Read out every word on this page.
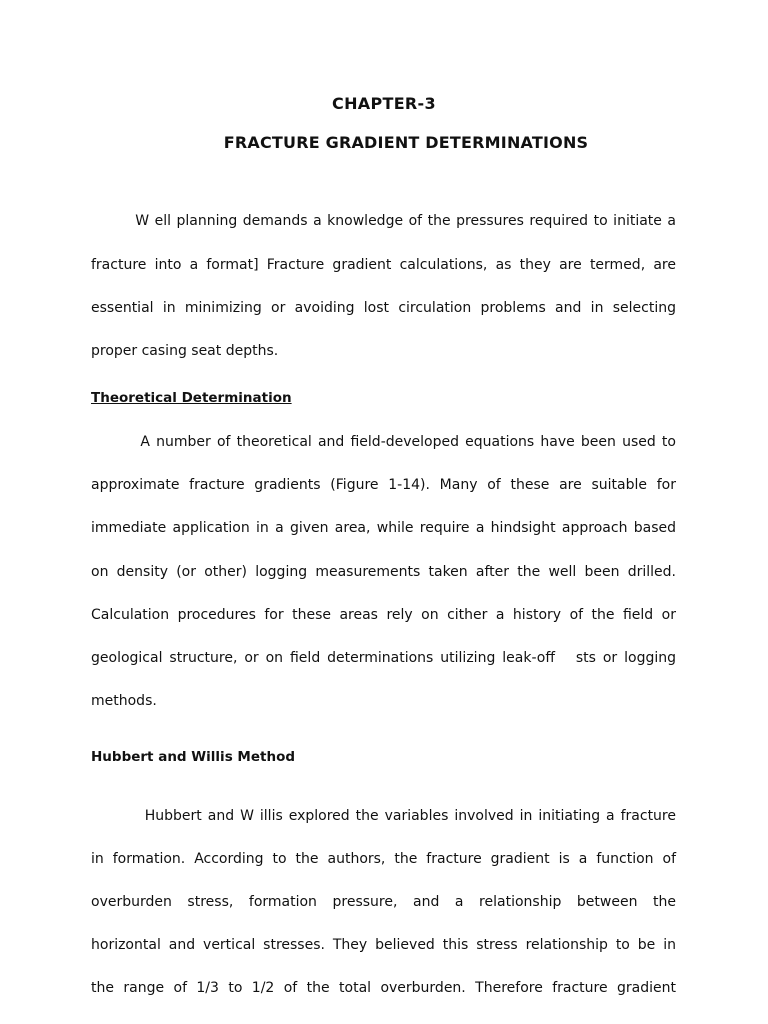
CHAPTER-3
FRACTURE GRADIENT DETERMINATIONS
W ell planning demands a knowledge of the pressures required to initiate a
fracture into a format] Fracture gradient calculations, as they are termed, are
essential in minimizing or avoiding lost circulation problems and in selecting
proper casing seat depths.
Theoretical Determination
A number of theoretical and field-developed equations have been used to
approximate fracture gradients (Figure 1-14). Many of these are suitable for
immediate application in a given area, while require a hindsight approach based
on density (or other) logging measurements taken after the well been drilled.
Calculation procedures for these areas rely on cither a history of the field or
geological structure, or on field determinations utilizing leak-off   sts or logging
methods.
Hubbert and Willis Method
Hubbert and W illis explored the variables involved in initiating a fracture
in formation. According to the authors, the fracture gradient is a function of
overburden stress, formation pressure, and a relationship between the
horizontal and vertical stresses. They believed this stress relationship to be in
the range of 1/3 to 1/2 of the total overburden. Therefore fracture gradient
